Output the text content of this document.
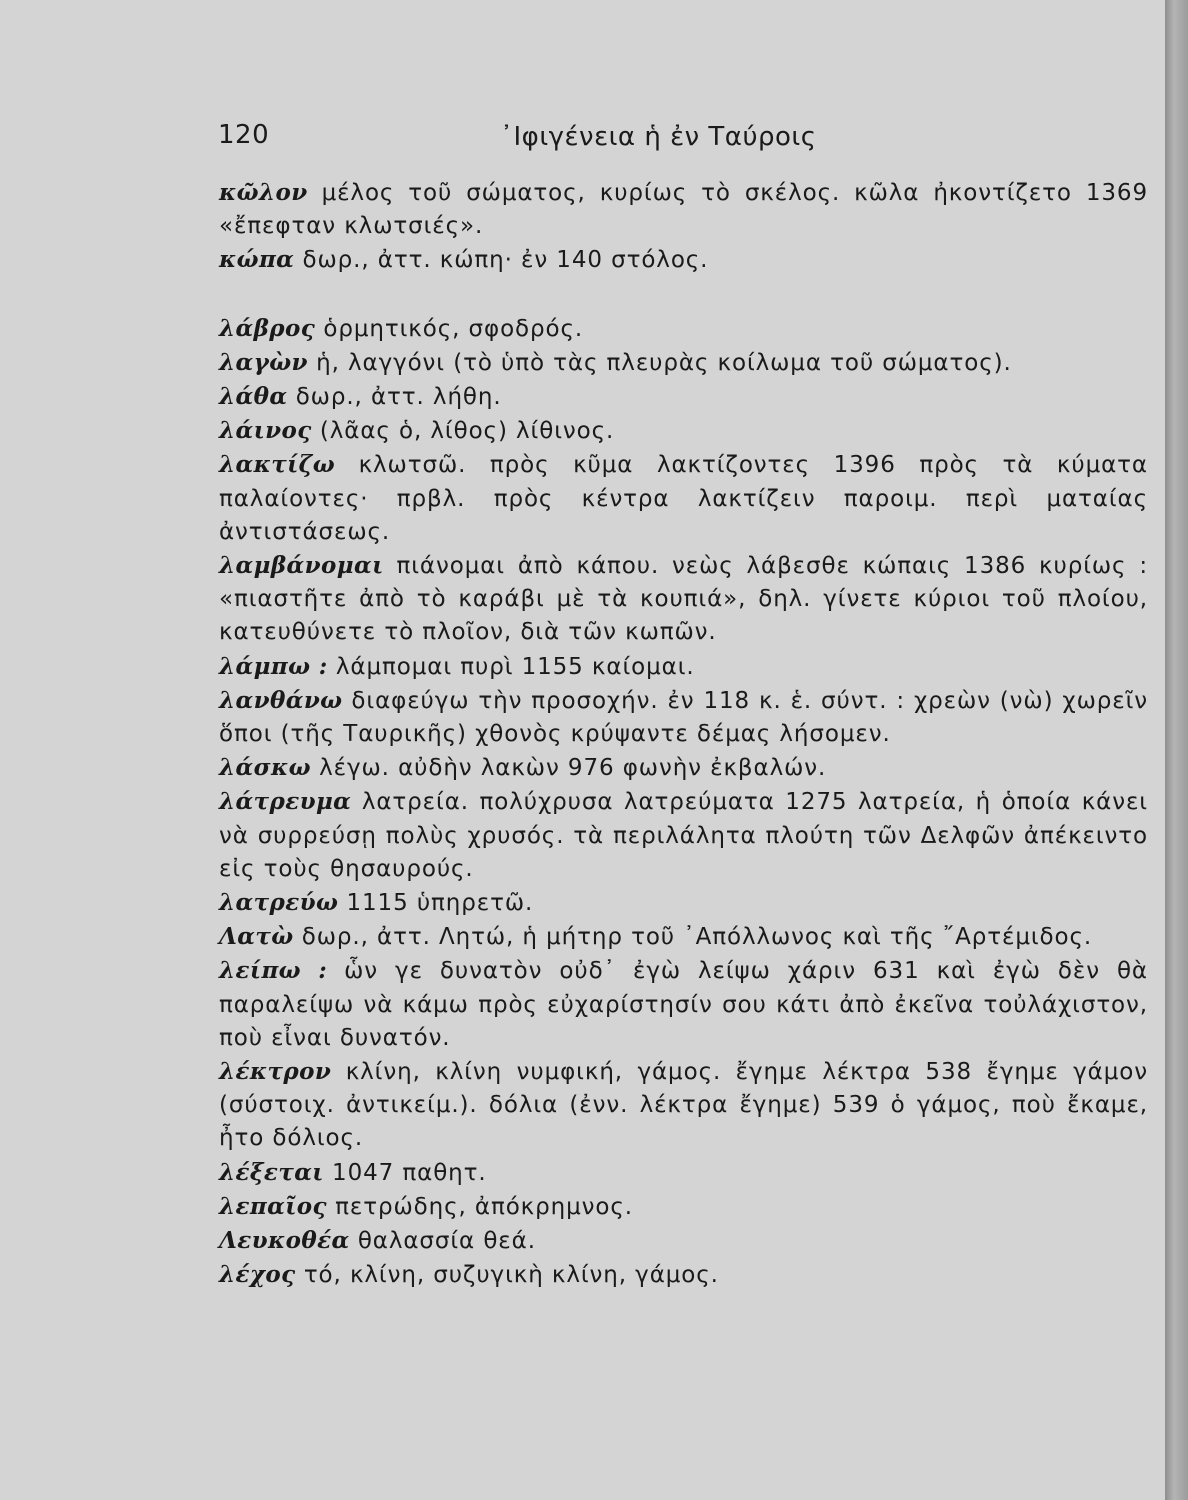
120	᾿Ιφιγένεια ἡ ἐν Ταύροις

κῶλον μέλος τοῦ σώματος, κυρίως τὸ σκέλος. κῶλα ἠκοντίζετο 1369 «ἔπεφταν κλωτσιές».

κώπα δωρ., ἀττ. κώπη· ἐν 140 στόλος.

λάβρος ὁρμητικός, σφοδρός.

λαγὼν ἡ, λαγγόνι (τὸ ὑπὸ τὰς πλευρὰς κοίλωμα τοῦ σώματος).

λάθα δωρ., ἀττ. λήθη.

λάινος (λᾶας ὁ, λίθος) λίθινος.

λακτίζω κλωτσῶ. πρὸς κῦμα λακτίζοντες 1396 πρὸς τὰ κύματα παλαίοντες· πρβλ. πρὸς κέντρα λακτίζειν παροιμ. περὶ ματαίας ἀντιστάσεως.

λαμβάνομαι πιάνομαι ἀπὸ κάπου. νεὼς λάβεσθε κώπαις 1386 κυρίως : «πιαστῆτε ἀπὸ τὸ καράβι μὲ τὰ κουπιά», δηλ. γίνετε κύριοι τοῦ πλοίου, κατευθύνετε τὸ πλοῖον, διὰ τῶν κωπῶν.

λάμπω : λάμπομαι πυρὶ 1155 καίομαι.

λανθάνω διαφεύγω τὴν προσοχήν. ἐν 118 κ. ἑ. σύντ. : χρεὼν (νὼ) χωρεῖν ὅποι (τῆς Ταυρικῆς) χθονὸς κρύψαντε δέμας λήσομεν.

λάσκω λέγω. αὐδὴν λακὼν 976 φωνὴν ἐκβαλών.

λάτρευμα λατρεία. πολύχρυσα λατρεύματα 1275 λατρεία, ἡ ὁποία κάνει νὰ συρρεύσῃ πολὺς χρυσός. τὰ περιλάλητα πλούτη τῶν Δελφῶν ἀπέκειντο εἰς τοὺς θησαυρούς.

λατρεύω 1115 ὑπηρετῶ.

Λατὼ δωρ., ἀττ. Λητώ, ἡ μήτηρ τοῦ ᾿Απόλλωνος καὶ τῆς ῎Αρτέμιδος.

λείπω : ὧν γε δυνατὸν οὐδ᾿ ἐγὼ λείψω χάριν 631 καὶ ἐγὼ δὲν θὰ παραλείψω νὰ κάμω πρὸς εὐχαρίστησίν σου κάτι ἀπὸ ἐκεῖνα τοὐλάχιστον, ποὺ εἶναι δυνατόν.

λέκτρον κλίνη, κλίνη νυμφική, γάμος. ἔγημε λέκτρα 538 ἔγημε γάμον (σύστοιχ. ἀντικείμ.). δόλια (ἐνν. λέκτρα ἔγημε) 539 ὁ γάμος, ποὺ ἔκαμε, ἦτο δόλιος.

λέξεται 1047 παθητ.

λεπαῖος πετρώδης, ἀπόκρημνος.

Λευκοθέα θαλασσία θεά.

λέχος τό, κλίνη, συζυγικὴ κλίνη, γάμος.
